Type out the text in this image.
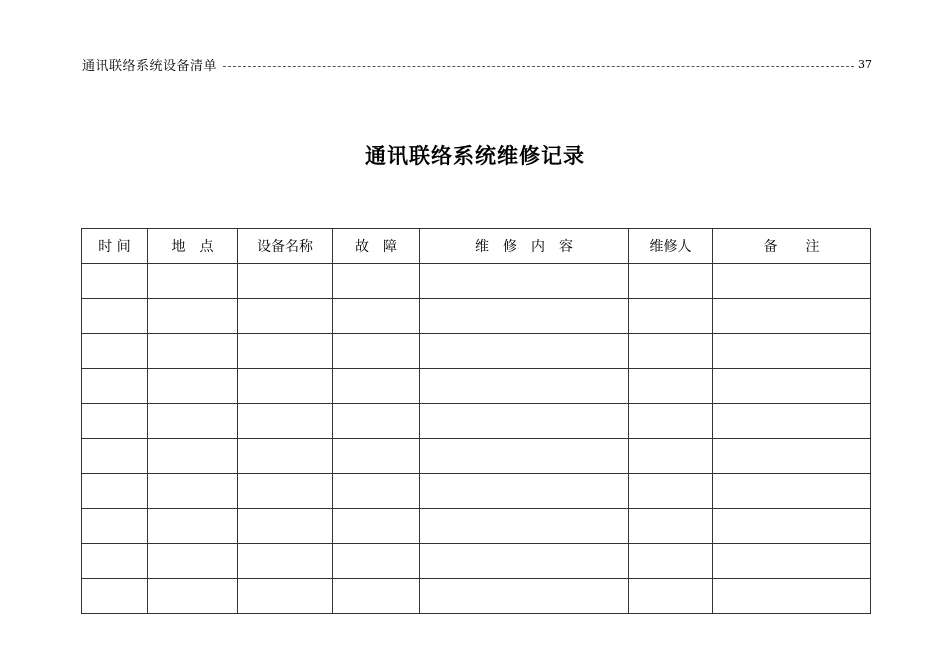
通讯联络系统设备清单	37
通讯联络系统维修记录
时 间	地　点	设备名称	故　障	维　修　内　容	维修人	备　　注
